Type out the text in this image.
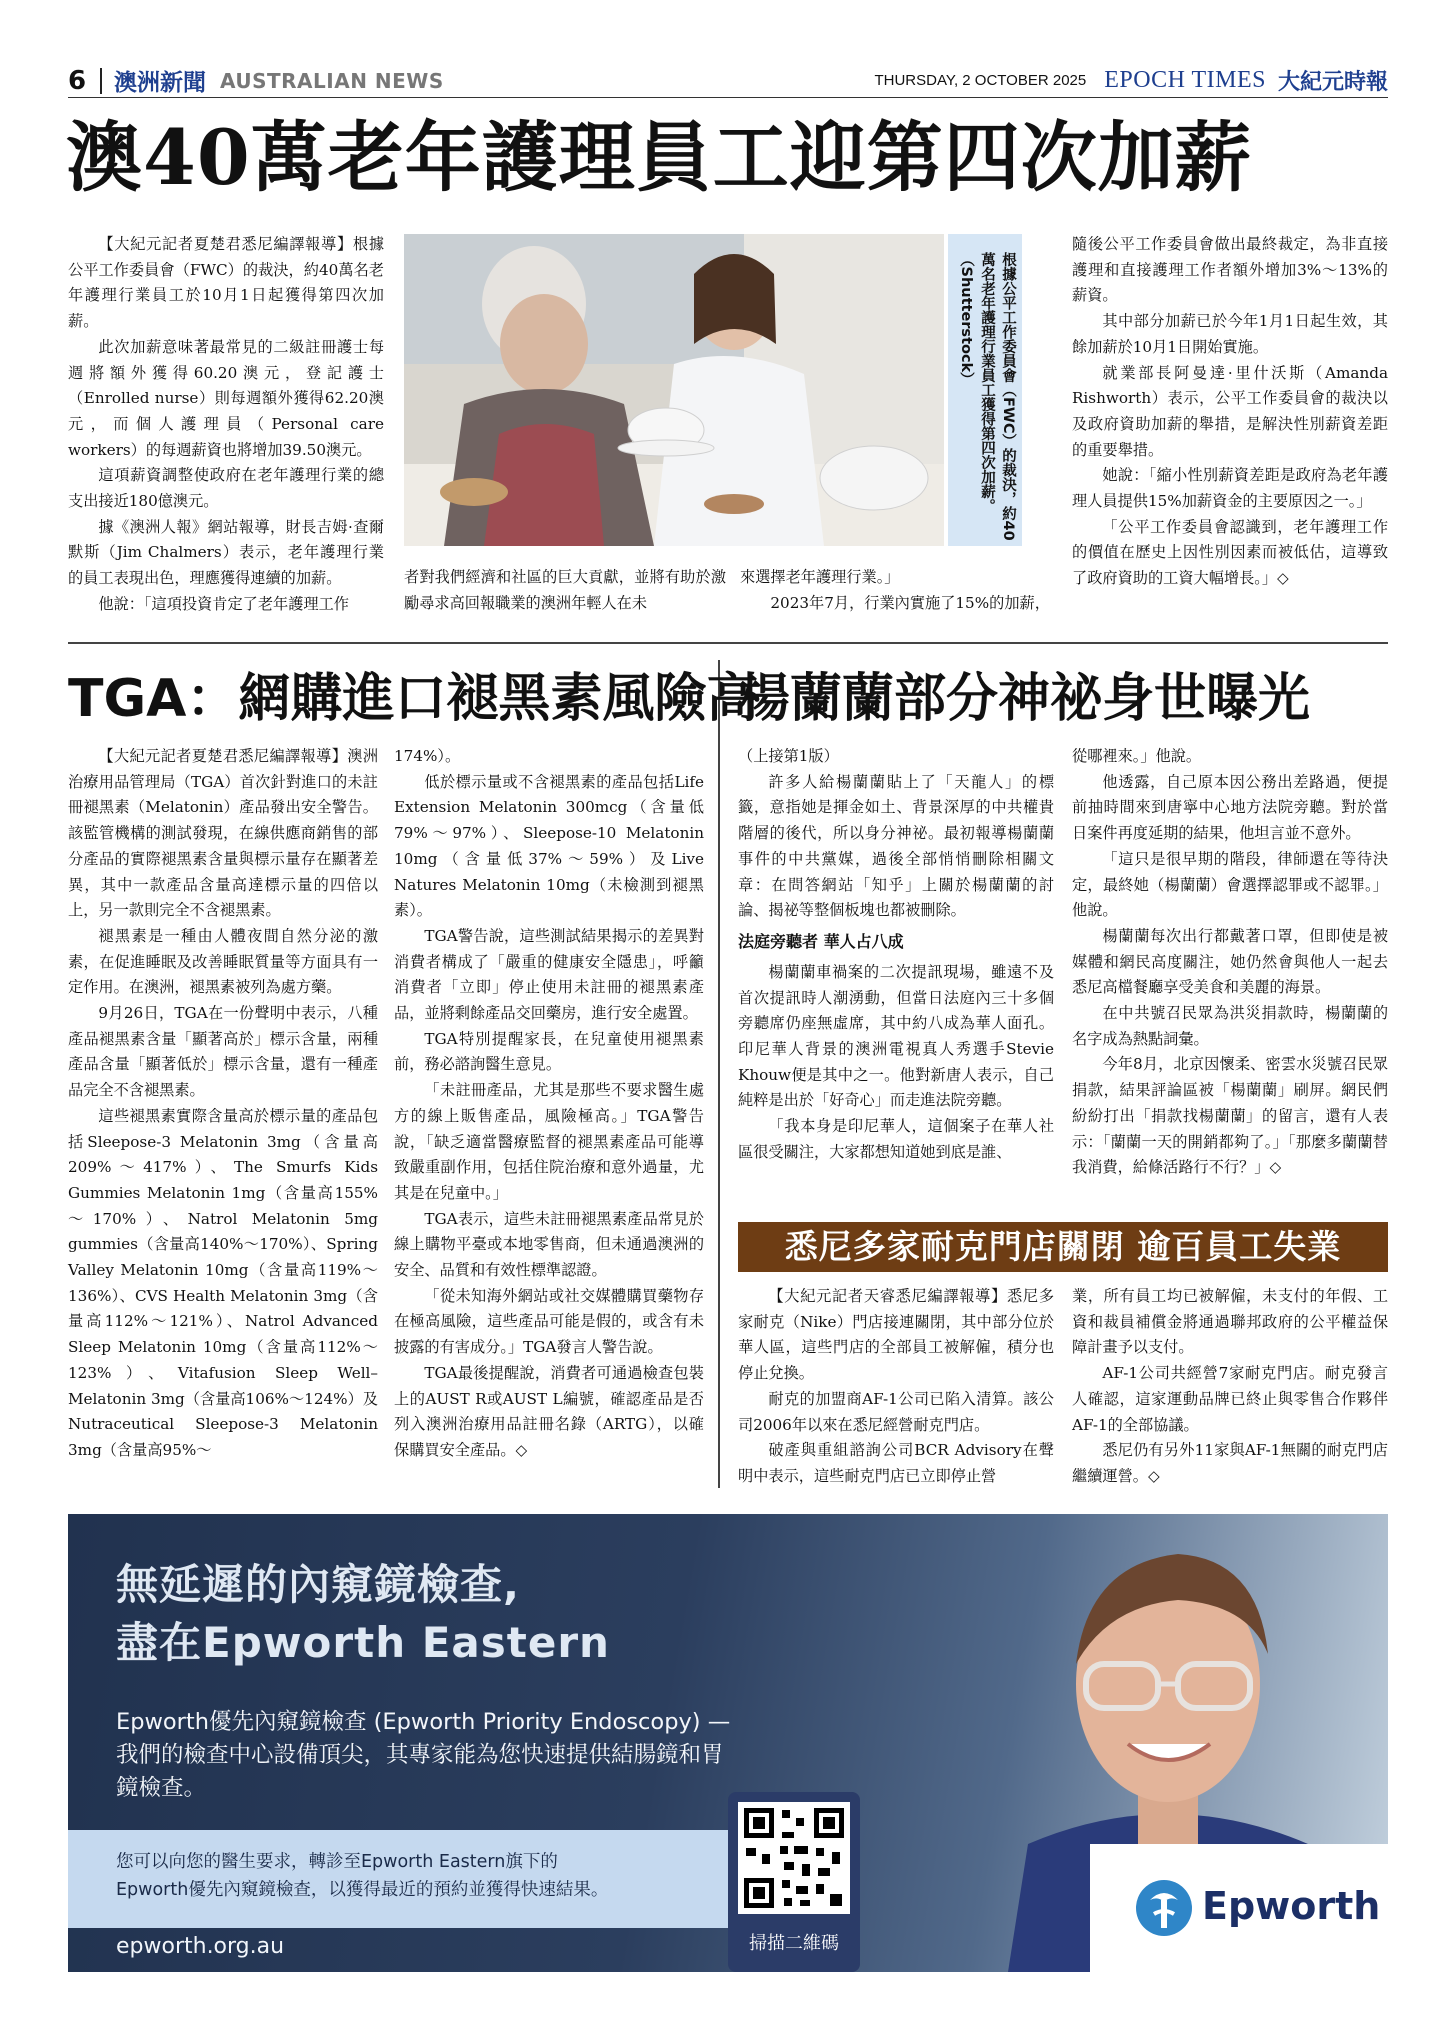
6 澳洲新聞 AUSTRALIAN NEWS	THURSDAY, 2 OCTOBER 2025 EPOCH TIMES 大紀元時報
澳40萬老年護理員工迎第四次加薪

【大紀元記者夏楚君悉尼編譯報導】根據公平工作委員會（FWC）的裁決，約40萬名老年護理行業員工於10月1日起獲得第四次加薪。

此次加薪意味著最常見的二級註冊護士每週將額外獲得60.20澳元，登記護士（Enrolled nurse）則每週額外獲得62.20澳元，而個人護理員（Personal care workers）的每週薪資也將增加39.50澳元。

這項薪資調整使政府在老年護理行業的總支出接近180億澳元。

據《澳洲人報》網站報導，財長吉姆·查爾默斯（Jim Chalmers）表示，老年護理行業的員工表現出色，理應獲得連續的加薪。

他說：「這項投資肯定了老年護理工作

根據公平工作委員會（FWC）的裁決，約40萬名老年護理行業員工獲得第四次加薪。（Shutterstock）

者對我們經濟和社區的巨大貢獻，並將有助於激勵尋求高回報職業的澳洲年輕人在未

來選擇老年護理行業。」

2023年7月，行業內實施了15%的加薪，

隨後公平工作委員會做出最終裁定，為非直接護理和直接護理工作者額外增加3%～13%的薪資。

其中部分加薪已於今年1月1日起生效，其餘加薪於10月1日開始實施。

就業部長阿曼達·里什沃斯（Amanda Rishworth）表示，公平工作委員會的裁決以及政府資助加薪的舉措，是解決性別薪資差距的重要舉措。

她說：「縮小性別薪資差距是政府為老年護理人員提供15%加薪資金的主要原因之一。」

「公平工作委員會認識到，老年護理工作的價值在歷史上因性別因素而被低估，這導致了政府資助的工資大幅增長。」◇

TGA：網購進口褪黑素風險高

【大紀元記者夏楚君悉尼編譯報導】澳洲治療用品管理局（TGA）首次針對進口的未註冊褪黑素（Melatonin）產品發出安全警告。該監管機構的測試發現，在線供應商銷售的部分產品的實際褪黑素含量與標示量存在顯著差異，其中一款產品含量高達標示量的四倍以上，另一款則完全不含褪黑素。

褪黑素是一種由人體夜間自然分泌的激素，在促進睡眠及改善睡眠質量等方面具有一定作用。在澳洲，褪黑素被列為處方藥。

9月26日，TGA在一份聲明中表示，八種產品褪黑素含量「顯著高於」標示含量，兩種產品含量「顯著低於」標示含量，還有一種產品完全不含褪黑素。

這些褪黑素實際含量高於標示量的產品包括Sleepose-3 Melatonin 3mg（含量高209%～417%）、The Smurfs Kids Gummies Melatonin 1mg（含量高155%～170%）、Natrol Melatonin 5mg gummies（含量高140%～170%）、Spring Valley Melatonin 10mg（含量高119%～136%）、CVS Health Melatonin 3mg（含量高112%～121%）、Natrol Advanced Sleep Melatonin 10mg（含量高112%～123%）、Vitafusion Sleep Well–Melatonin 3mg（含量高106%～124%）及Nutraceutical Sleepose-3 Melatonin 3mg（含量高95%～

174%）。

低於標示量或不含褪黑素的產品包括Life Extension Melatonin 300mcg（含量低79%～97%）、Sleepose-10 Melatonin 10mg（含量低37%～59%）及Live Natures Melatonin 10mg（未檢測到褪黑素）。

TGA警告說，這些測試結果揭示的差異對消費者構成了「嚴重的健康安全隱患」，呼籲消費者「立即」停止使用未註冊的褪黑素產品，並將剩餘產品交回藥房，進行安全處置。

TGA特別提醒家長，在兒童使用褪黑素前，務必諮詢醫生意見。

「未註冊產品，尤其是那些不要求醫生處方的線上販售產品，風險極高。」TGA警告說，「缺乏適當醫療監督的褪黑素產品可能導致嚴重副作用，包括住院治療和意外過量，尤其是在兒童中。」

TGA表示，這些未註冊褪黑素產品常見於線上購物平臺或本地零售商，但未通過澳洲的安全、品質和有效性標準認證。

「從未知海外網站或社交媒體購買藥物存在極高風險，這些產品可能是假的，或含有未披露的有害成分。」TGA發言人警告說。

TGA最後提醒說，消費者可通過檢查包裝上的AUST R或AUST L編號，確認產品是否列入澳洲治療用品註冊名錄（ARTG），以確保購買安全產品。◇

楊蘭蘭部分神祕身世曝光

（上接第1版）

許多人給楊蘭蘭貼上了「天龍人」的標籤，意指她是揮金如土、背景深厚的中共權貴階層的後代，所以身分神祕。最初報導楊蘭蘭事件的中共黨媒，過後全部悄悄刪除相關文章：在問答網站「知乎」上關於楊蘭蘭的討論、揭祕等整個板塊也都被刪除。

法庭旁聽者 華人占八成

楊蘭蘭車禍案的二次提訊現場，雖遠不及首次提訊時人潮湧動，但當日法庭內三十多個旁聽席仍座無虛席，其中約八成為華人面孔。印尼華人背景的澳洲電視真人秀選手Stevie Khouw便是其中之一。他對新唐人表示，自己純粹是出於「好奇心」而走進法院旁聽。

「我本身是印尼華人，這個案子在華人社區很受關注，大家都想知道她到底是誰、

從哪裡來。」他說。

他透露，自己原本因公務出差路過，便提前抽時間來到唐寧中心地方法院旁聽。對於當日案件再度延期的結果，他坦言並不意外。

「這只是很早期的階段，律師還在等待決定，最終她（楊蘭蘭）會選擇認罪或不認罪。」他說。

楊蘭蘭每次出行都戴著口罩，但即使是被媒體和網民高度關注，她仍然會與他人一起去悉尼高檔餐廳享受美食和美麗的海景。

在中共號召民眾為洪災捐款時，楊蘭蘭的名字成為熱點詞彙。

今年8月，北京因懷柔、密雲水災號召民眾捐款，結果評論區被「楊蘭蘭」刷屏。網民們紛紛打出「捐款找楊蘭蘭」的留言，還有人表示：「蘭蘭一天的開銷都夠了。」「那麼多蘭蘭替我消費，給條活路行不行？」◇

悉尼多家耐克門店關閉 逾百員工失業

【大紀元記者天睿悉尼編譯報導】悉尼多家耐克（Nike）門店接連關閉，其中部分位於華人區，這些門店的全部員工被解僱，積分也停止兌換。

耐克的加盟商AF-1公司已陷入清算。該公司2006年以來在悉尼經營耐克門店。

破產與重組諮詢公司BCR Advisory在聲明中表示，這些耐克門店已立即停止營

業，所有員工均已被解僱，未支付的年假、工資和裁員補償金將通過聯邦政府的公平權益保障計畫予以支付。

AF-1公司共經營7家耐克門店。耐克發言人確認，這家運動品牌已終止與零售合作夥伴AF-1的全部協議。

悉尼仍有另外11家與AF-1無關的耐克門店繼續運營。◇

無延遲的內窺鏡檢查,
盡在Epworth Eastern
Epworth優先內窺鏡檢查 (Epworth Priority Endoscopy) — 我們的檢查中心設備頂尖，其專家能為您快速提供結腸鏡和胃鏡檢查。
您可以向您的醫生要求，轉診至Epworth Eastern旗下的
Epworth優先內窺鏡檢查，以獲得最近的預約並獲得快速結果。
epworth.org.au	掃描二維碼
Epworth
